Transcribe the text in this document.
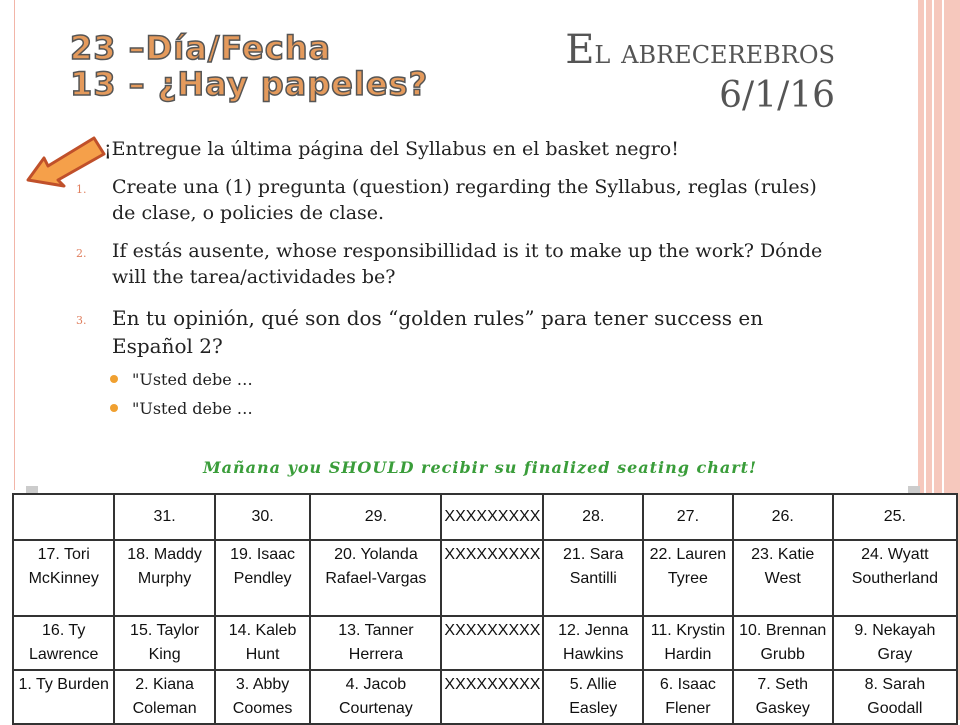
23 –Día/Fecha
13 – ¿Hay papeles?
El abrecerebros
6/1/16
¡Entregue la última página del Syllabus en el basket negro!
1. Create una (1) pregunta (question) regarding the Syllabus, reglas (rules) de clase, o policies de clase.
2. If estás ausente, whose responsibillidad is it to make up the work? Dónde will the tarea/actividades be?
3. En tu opinión, qué son dos “golden rules” para tener success en Español 2?
"Usted debe …
"Usted debe …
Mañana you SHOULD recibir su finalized seating chart!
	31.	30.	29.	XXXXXXXXX	28.	27.	26.	25.
17. Tori McKinney	18. Maddy Murphy	19. Isaac Pendley	20. Yolanda Rafael-Vargas	XXXXXXXXX	21. Sara Santilli	22. Lauren Tyree	23. Katie West	24. Wyatt Southerland
16. Ty Lawrence	15. Taylor King	14. Kaleb Hunt	13. Tanner Herrera	XXXXXXXXX	12. Jenna Hawkins	11. Krystin Hardin	10. Brennan Grubb	9. Nekayah Gray
1. Ty Burden	2. Kiana Coleman	3. Abby Coomes	4. Jacob Courtenay	XXXXXXXXX	5. Allie Easley	6. Isaac Flener	7. Seth Gaskey	8. Sarah Goodall
